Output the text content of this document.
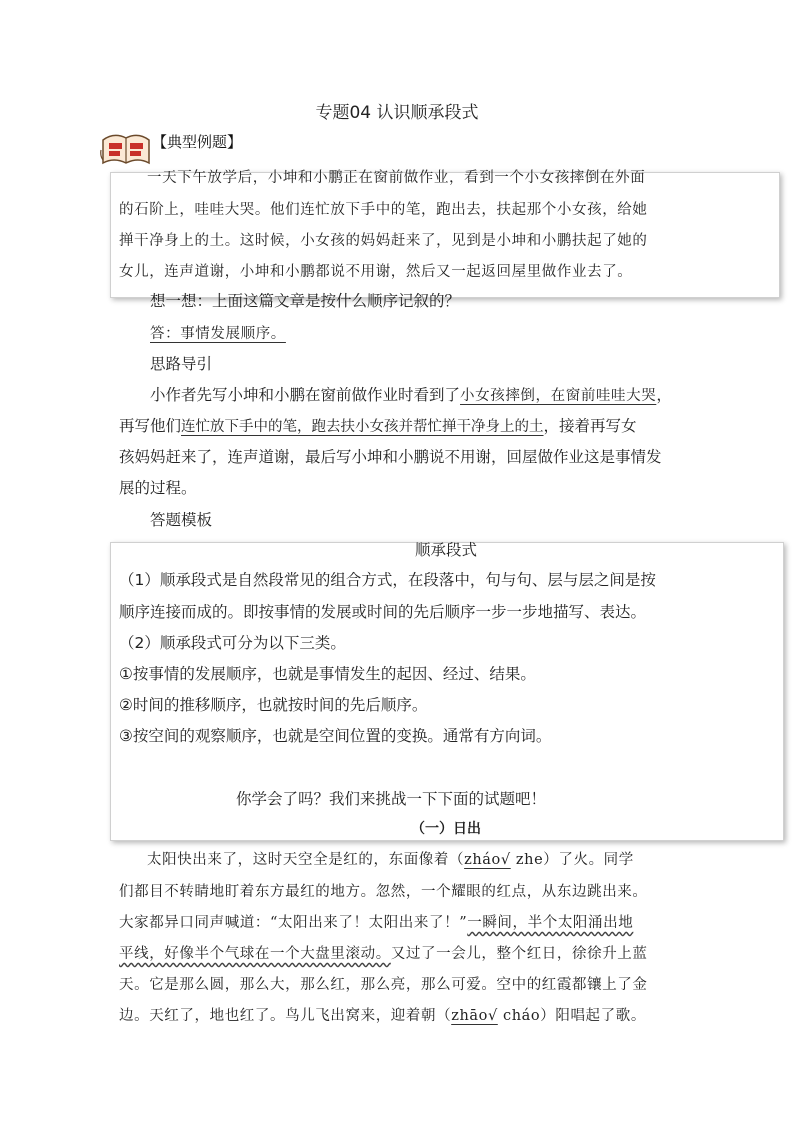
专题04 认识顺承段式
【典型例题】
一天下午放学后，小坤和小鹏正在窗前做作业，看到一个小女孩摔倒在外面
的石阶上，哇哇大哭。他们连忙放下手中的笔，跑出去，扶起那个小女孩，给她
掸干净身上的土。这时候，小女孩的妈妈赶来了，见到是小坤和小鹏扶起了她的
女儿，连声道谢，小坤和小鹏都说不用谢，然后又一起返回屋里做作业去了。
想一想：上面这篇文章是按什么顺序记叙的？
答：事情发展顺序。
思路导引
小作者先写小坤和小鹏在窗前做作业时看到了小女孩摔倒，在窗前哇哇大哭，
再写他们连忙放下手中的笔，跑去扶小女孩并帮忙掸干净身上的土，接着再写女
孩妈妈赶来了，连声道谢，最后写小坤和小鹏说不用谢，回屋做作业这是事情发
展的过程。
答题模板
顺承段式
（1）顺承段式是自然段常见的组合方式，在段落中，句与句、层与层之间是按
顺序连接而成的。即按事情的发展或时间的先后顺序一步一步地描写、表达。
（2）顺承段式可分为以下三类。
①按事情的发展顺序，也就是事情发生的起因、经过、结果。
②时间的推移顺序，也就按时间的先后顺序。
③按空间的观察顺序，也就是空间位置的变换。通常有方向词。
你学会了吗？我们来挑战一下下面的试题吧！
（一）日出
太阳快出来了，这时天空全是红的，东面像着（zháo√ zhe）了火。同学
们都目不转睛地盯着东方最红的地方。忽然，一个耀眼的红点，从东边跳出来。
大家都异口同声喊道：“太阳出来了！太阳出来了！”一瞬间，半个太阳涌出地
平线，好像半个气球在一个大盘里滚动。又过了一会儿，整个红日，徐徐升上蓝
天。它是那么圆，那么大，那么红，那么亮，那么可爱。空中的红霞都镶上了金
边。天红了，地也红了。鸟儿飞出窝来，迎着朝（zhāo√ cháo）阳唱起了歌。
